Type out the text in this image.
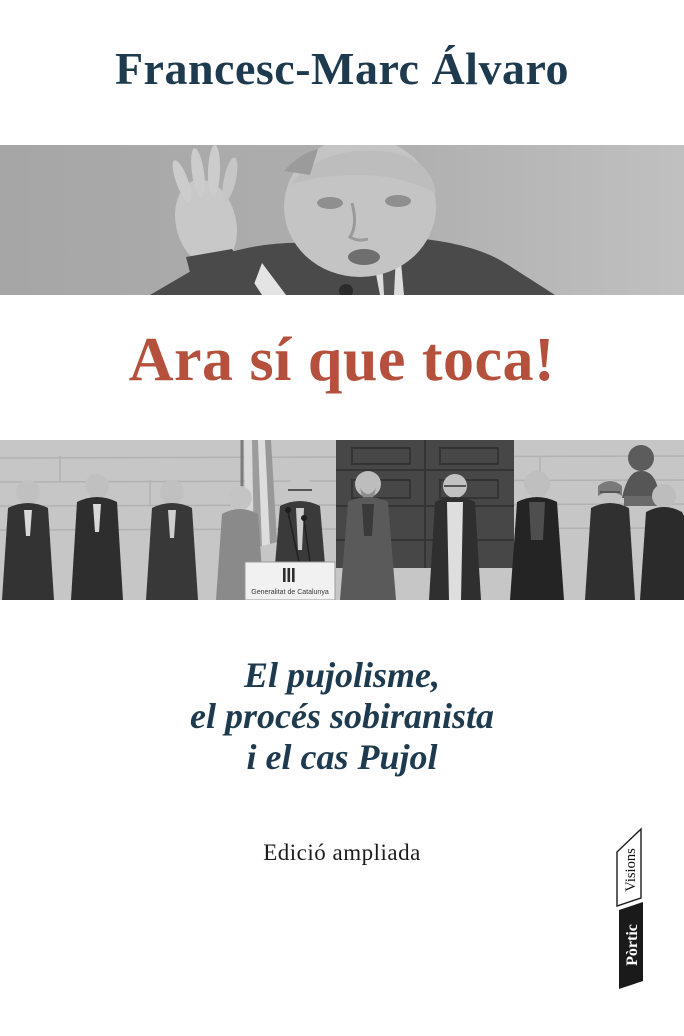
Francesc-Marc Álvaro
Ara sí que toca!
Generalitat de Catalunya
El pujolisme,
el procés sobiranista
i el cas Pujol
Edició ampliada	Visions
Pòrtic
